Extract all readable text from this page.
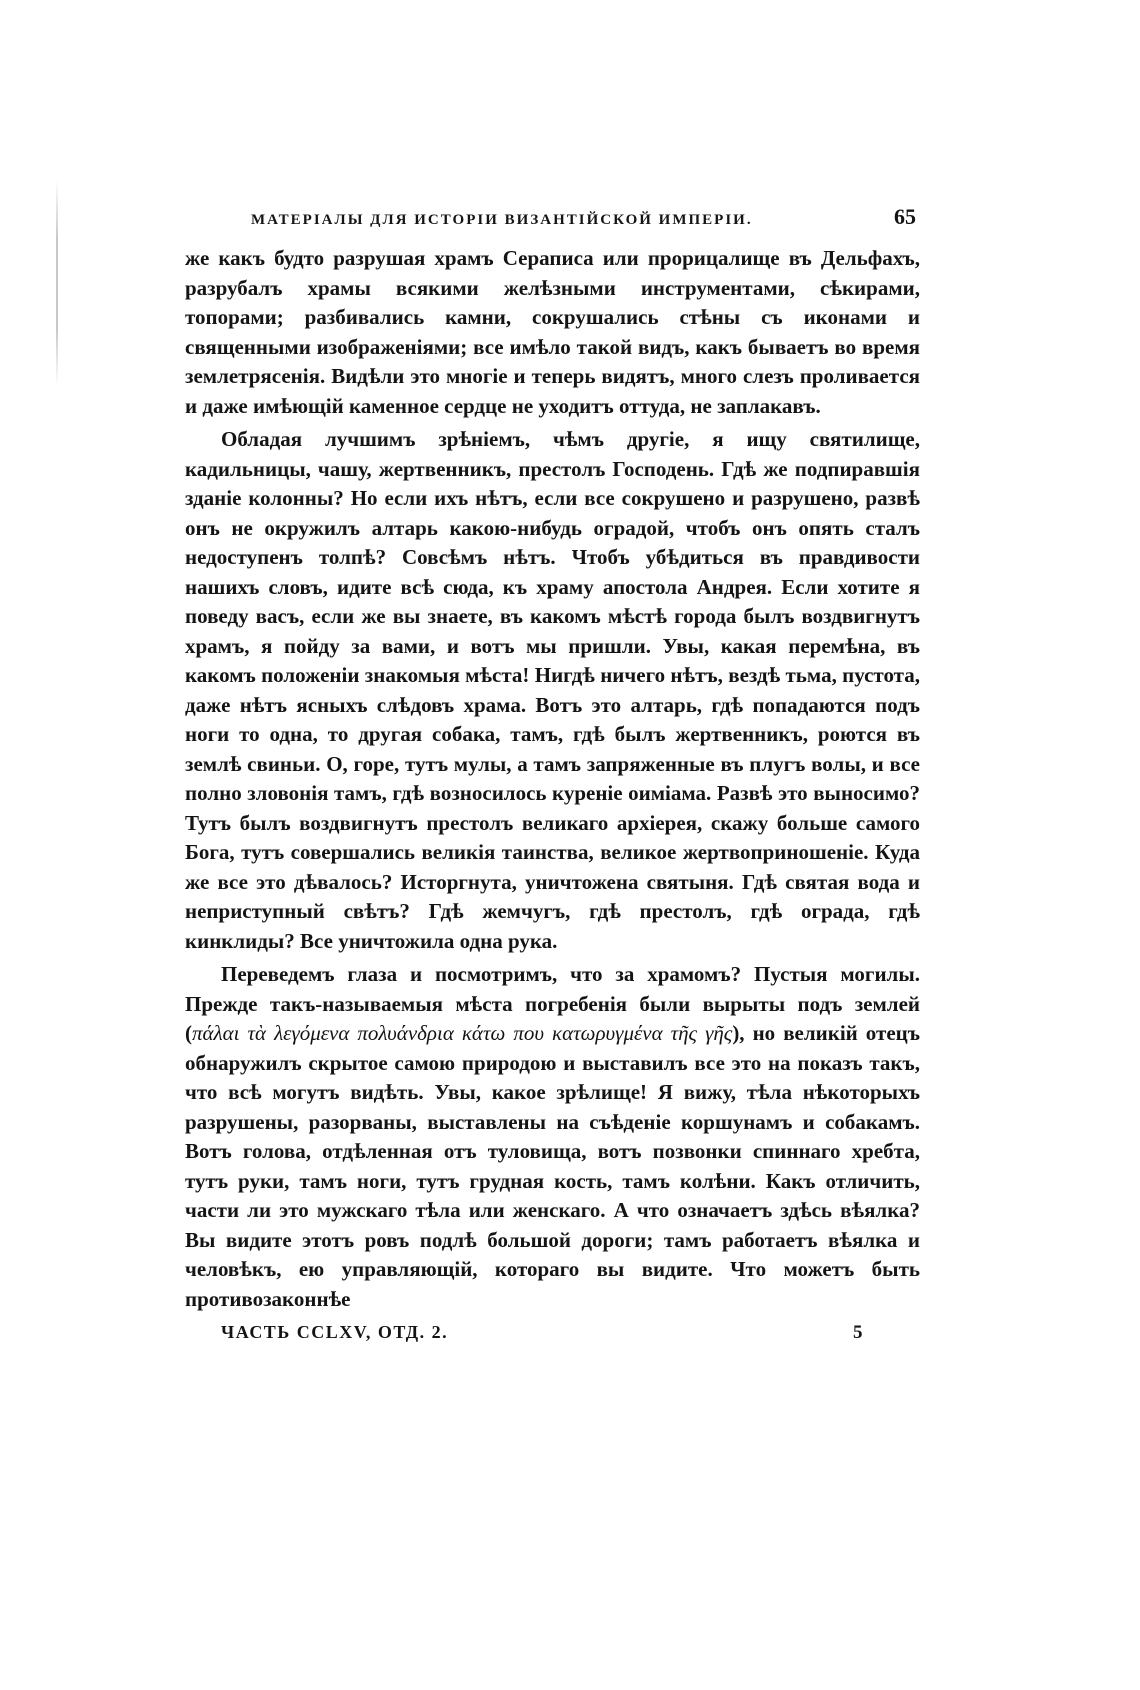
МАТЕРІАЛЫ ДЛЯ ИСТОРІИ ВИЗАНТІЙСКОЙ ИМПЕРІИ.	65

же какъ будто разрушая храмъ Сераписа или прорицалище въ Дельфахъ, разрубалъ храмы всякими желѣзными инструментами, сѣкирами, топорами; разбивались камни, сокрушались стѣны съ иконами и священными изображеніями; все имѣло такой видъ, какъ бываетъ во время землетрясенія. Видѣли это многіе и теперь видятъ, много слезъ проливается и даже имѣющій каменное сердце не уходитъ оттуда, не заплакавъ.

Обладая лучшимъ зрѣніемъ, чѣмъ другіе, я ищу святилище, кадильницы, чашу, жертвенникъ, престолъ Господень. Гдѣ же подпиравшія зданіе колонны? Но если ихъ нѣтъ, если все сокрушено и разрушено, развѣ онъ не окружилъ алтарь какою-нибудь оградой, чтобъ онъ опять сталъ недоступенъ толпѣ? Совсѣмъ нѣтъ. Чтобъ убѣдиться въ правдивости нашихъ словъ, идите всѣ сюда, къ храму апостола Андрея. Если хотите я поведу васъ, если же вы знаете, въ какомъ мѣстѣ города былъ воздвигнутъ храмъ, я пойду за вами, и вотъ мы пришли. Увы, какая перемѣна, въ какомъ положеніи знакомыя мѣста! Нигдѣ ничего нѣтъ, вездѣ тьма, пустота, даже нѣтъ ясныхъ слѣдовъ храма. Вотъ это алтарь, гдѣ попадаются подъ ноги то одна, то другая собака, тамъ, гдѣ былъ жертвенникъ, роются въ землѣ свиньи. О, горе, тутъ мулы, а тамъ запряженные въ плугъ волы, и все полно зловонія тамъ, гдѣ возносилось куреніе оиміама. Развѣ это выносимо? Тутъ былъ воздвигнутъ престолъ великаго архіерея, скажу больше самого Бога, тутъ совершались великія таинства, великое жертвоприношеніе. Куда же все это дѣвалось? Исторгнута, уничтожена святыня. Гдѣ святая вода и неприступный свѣтъ? Гдѣ жемчугъ, гдѣ престолъ, гдѣ ограда, гдѣ кинклиды? Все уничтожила одна рука.

Переведемъ глаза и посмотримъ, что за храмомъ? Пустыя могилы. Прежде такъ-называемыя мѣста погребенія были вырыты подъ землей (πάλαι τὰ λεγόμενα πολυάνδρια κάτω που κατωρυγμένα τῆς γῆς), но великій отецъ обнаружилъ скрытое самою природою и выставилъ все это на показъ такъ, что всѣ могутъ видѣть. Увы, какое зрѣлище! Я вижу, тѣла нѣкоторыхъ разрушены, разорваны, выставлены на съѣденіе коршунамъ и собакамъ. Вотъ голова, отдѣленная отъ туловища, вотъ позвонки спиннаго хребта, тутъ руки, тамъ ноги, тутъ грудная кость, тамъ колѣни. Какъ отличить, части ли это мужскаго тѣла или женскаго. А что означаетъ здѣсь вѣялка? Вы видите этотъ ровъ подлѣ большой дороги; тамъ работаетъ вѣялка и человѣкъ, ею управляющій, котораго вы видите. Что можетъ быть противозаконнѣе

ЧАСТЬ CCLXV, ОТД. 2.	5
